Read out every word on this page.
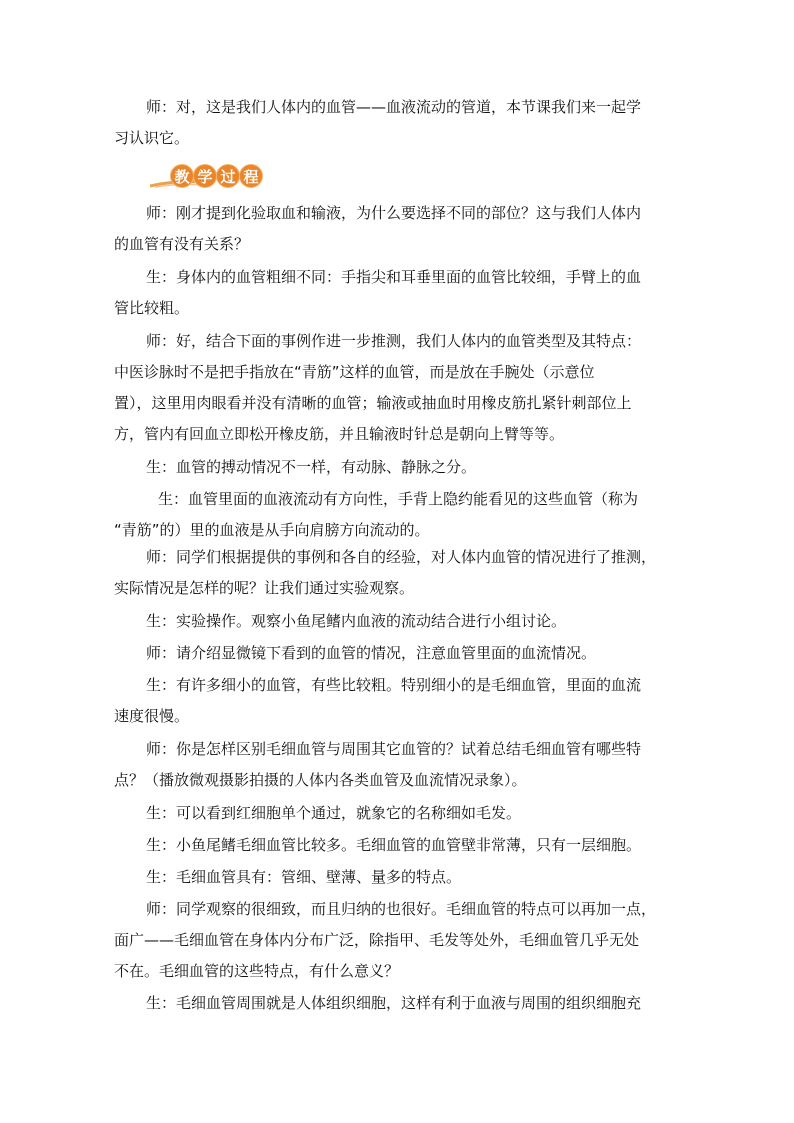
师：对，这是我们人体内的血管——血液流动的管道，本节课我们来一起学
习认识它。
教 学 过 程
师：刚才提到化验取血和输液，为什么要选择不同的部位？这与我们人体内
的血管有没有关系？
生：身体内的血管粗细不同：手指尖和耳垂里面的血管比较细，手臂上的血
管比较粗。
师：好，结合下面的事例作进一步推测，我们人体内的血管类型及其特点：
中医诊脉时不是把手指放在“青筋”这样的血管，而是放在手腕处（示意位
置），这里用肉眼看并没有清晰的血管；输液或抽血时用橡皮筋扎紧针刺部位上
方，管内有回血立即松开橡皮筋，并且输液时针总是朝向上臂等等。
生：血管的搏动情况不一样，有动脉、静脉之分。
生：血管里面的血液流动有方向性，手背上隐约能看见的这些血管（称为
“青筋”的）里的血液是从手向肩膀方向流动的。
师：同学们根据提供的事例和各自的经验，对人体内血管的情况进行了推测，
实际情况是怎样的呢？让我们通过实验观察。
生：实验操作。观察小鱼尾鳍内血液的流动结合进行小组讨论。
师：请介绍显微镜下看到的血管的情况，注意血管里面的血流情况。
生：有许多细小的血管，有些比较粗。特别细小的是毛细血管，里面的血流
速度很慢。
师：你是怎样区别毛细血管与周围其它血管的？试着总结毛细血管有哪些特
点？（播放微观摄影拍摄的人体内各类血管及血流情况录象）。
生：可以看到红细胞单个通过，就象它的名称细如毛发。
生：小鱼尾鳍毛细血管比较多。毛细血管的血管壁非常薄，只有一层细胞。
生：毛细血管具有：管细、壁薄、量多的特点。
师：同学观察的很细致，而且归纳的也很好。毛细血管的特点可以再加一点，
面广——毛细血管在身体内分布广泛，除指甲、毛发等处外，毛细血管几乎无处
不在。毛细血管的这些特点，有什么意义？
生：毛细血管周围就是人体组织细胞，这样有利于血液与周围的组织细胞充
